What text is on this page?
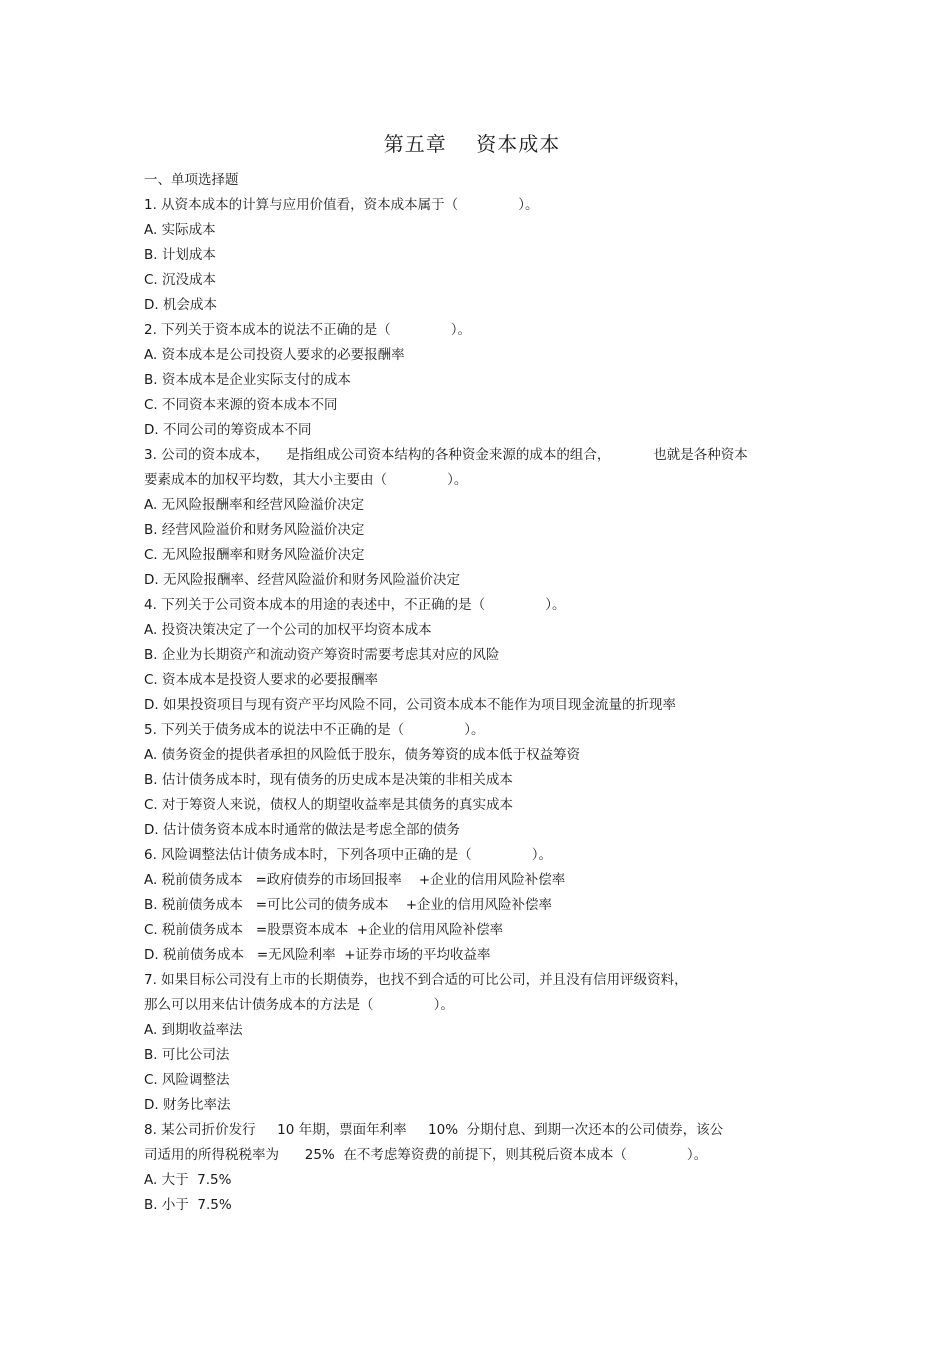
第五章    资本成本
一、单项选择题
1. 从资本成本的计算与应用价值看，资本成本属于（              ）。
A. 实际成本
B. 计划成本
C. 沉没成本
D. 机会成本
2. 下列关于资本成本的说法不正确的是（              ）。
A. 资本成本是公司投资人要求的必要报酬率
B. 资本成本是企业实际支付的成本
C. 不同资本来源的资本成本不同
D. 不同公司的筹资成本不同
3. 公司的资本成本，    是指组成公司资本结构的各种资金来源的成本的组合，          也就是各种资本
要素成本的加权平均数，其大小主要由（              ）。
A. 无风险报酬率和经营风险溢价决定
B. 经营风险溢价和财务风险溢价决定
C. 无风险报酬率和财务风险溢价决定
D. 无风险报酬率、经营风险溢价和财务风险溢价决定
4. 下列关于公司资本成本的用途的表述中，不正确的是（              ）。
A. 投资决策决定了一个公司的加权平均资本成本
B. 企业为长期资产和流动资产筹资时需要考虑其对应的风险
C. 资本成本是投资人要求的必要报酬率
D. 如果投资项目与现有资产平均风险不同，公司资本成本不能作为项目现金流量的折现率
5. 下列关于债务成本的说法中不正确的是（              ）。
A. 债务资金的提供者承担的风险低于股东，债务筹资的成本低于权益筹资
B. 估计债务成本时，现有债务的历史成本是决策的非相关成本
C. 对于筹资人来说，债权人的期望收益率是其债务的真实成本
D. 估计债务资本成本时通常的做法是考虑全部的债务
6. 风险调整法估计债务成本时，下列各项中正确的是（              ）。
A. 税前债务成本   =政府债券的市场回报率    +企业的信用风险补偿率
B. 税前债务成本   =可比公司的债务成本    +企业的信用风险补偿率
C. 税前债务成本   =股票资本成本  +企业的信用风险补偿率
D. 税前债务成本   =无风险利率  +证券市场的平均收益率
7. 如果目标公司没有上市的长期债券，也找不到合适的可比公司，并且没有信用评级资料，
那么可以用来估计债务成本的方法是（              ）。
A. 到期收益率法
B. 可比公司法
C. 风险调整法
D. 财务比率法
8. 某公司折价发行     10 年期，票面年利率     10%  分期付息、到期一次还本的公司债券，该公
司适用的所得税税率为      25%  在不考虑筹资费的前提下，则其税后资本成本（              ）。
A. 大于  7.5%
B. 小于  7.5%
